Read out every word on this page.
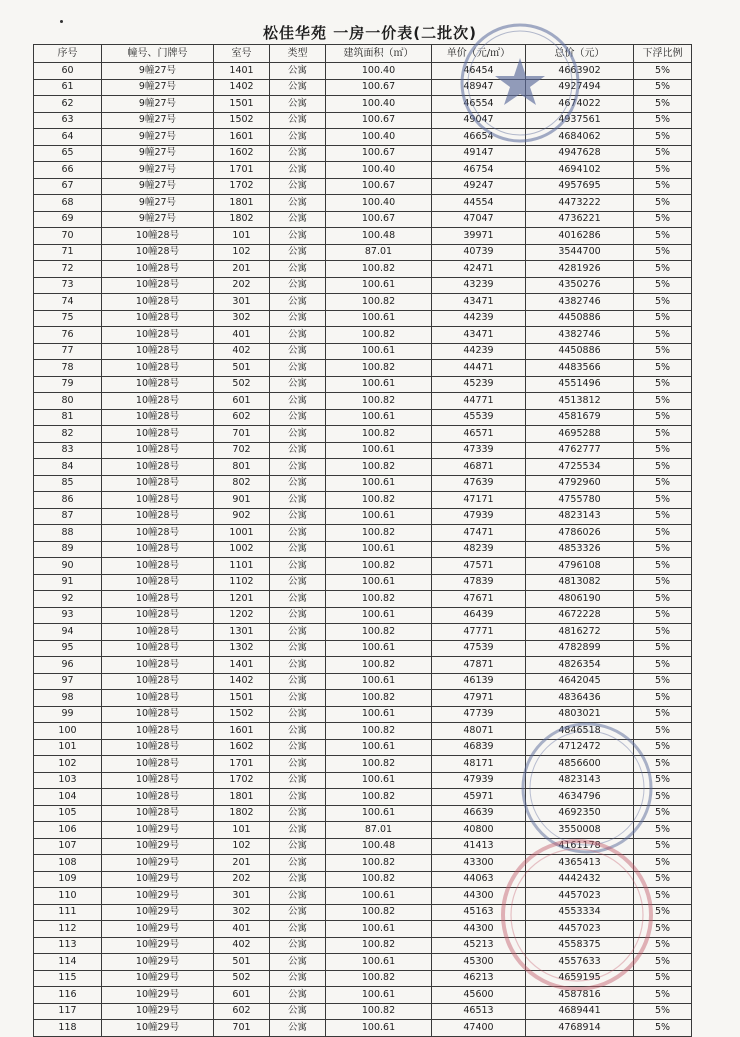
松佳华苑 一房一价表(二批次)
序号	幢号、门牌号	室号	类型	建筑面积（㎡）	单价（元/㎡）	总价（元）	下浮比例
60	9幢27号	1401	公寓	100.40	46454	4663902	5%
61	9幢27号	1402	公寓	100.67	48947	4927494	5%
62	9幢27号	1501	公寓	100.40	46554	4674022	5%
63	9幢27号	1502	公寓	100.67	49047	4937561	5%
64	9幢27号	1601	公寓	100.40	46654	4684062	5%
65	9幢27号	1602	公寓	100.67	49147	4947628	5%
66	9幢27号	1701	公寓	100.40	46754	4694102	5%
67	9幢27号	1702	公寓	100.67	49247	4957695	5%
68	9幢27号	1801	公寓	100.40	44554	4473222	5%
69	9幢27号	1802	公寓	100.67	47047	4736221	5%
70	10幢28号	101	公寓	100.48	39971	4016286	5%
71	10幢28号	102	公寓	87.01	40739	3544700	5%
72	10幢28号	201	公寓	100.82	42471	4281926	5%
73	10幢28号	202	公寓	100.61	43239	4350276	5%
74	10幢28号	301	公寓	100.82	43471	4382746	5%
75	10幢28号	302	公寓	100.61	44239	4450886	5%
76	10幢28号	401	公寓	100.82	43471	4382746	5%
77	10幢28号	402	公寓	100.61	44239	4450886	5%
78	10幢28号	501	公寓	100.82	44471	4483566	5%
79	10幢28号	502	公寓	100.61	45239	4551496	5%
80	10幢28号	601	公寓	100.82	44771	4513812	5%
81	10幢28号	602	公寓	100.61	45539	4581679	5%
82	10幢28号	701	公寓	100.82	46571	4695288	5%
83	10幢28号	702	公寓	100.61	47339	4762777	5%
84	10幢28号	801	公寓	100.82	46871	4725534	5%
85	10幢28号	802	公寓	100.61	47639	4792960	5%
86	10幢28号	901	公寓	100.82	47171	4755780	5%
87	10幢28号	902	公寓	100.61	47939	4823143	5%
88	10幢28号	1001	公寓	100.82	47471	4786026	5%
89	10幢28号	1002	公寓	100.61	48239	4853326	5%
90	10幢28号	1101	公寓	100.82	47571	4796108	5%
91	10幢28号	1102	公寓	100.61	47839	4813082	5%
92	10幢28号	1201	公寓	100.82	47671	4806190	5%
93	10幢28号	1202	公寓	100.61	46439	4672228	5%
94	10幢28号	1301	公寓	100.82	47771	4816272	5%
95	10幢28号	1302	公寓	100.61	47539	4782899	5%
96	10幢28号	1401	公寓	100.82	47871	4826354	5%
97	10幢28号	1402	公寓	100.61	46139	4642045	5%
98	10幢28号	1501	公寓	100.82	47971	4836436	5%
99	10幢28号	1502	公寓	100.61	47739	4803021	5%
100	10幢28号	1601	公寓	100.82	48071	4846518	5%
101	10幢28号	1602	公寓	100.61	46839	4712472	5%
102	10幢28号	1701	公寓	100.82	48171	4856600	5%
103	10幢28号	1702	公寓	100.61	47939	4823143	5%
104	10幢28号	1801	公寓	100.82	45971	4634796	5%
105	10幢28号	1802	公寓	100.61	46639	4692350	5%
106	10幢29号	101	公寓	87.01	40800	3550008	5%
107	10幢29号	102	公寓	100.48	41413	4161178	5%
108	10幢29号	201	公寓	100.82	43300	4365413	5%
109	10幢29号	202	公寓	100.82	44063	4442432	5%
110	10幢29号	301	公寓	100.61	44300	4457023	5%
111	10幢29号	302	公寓	100.82	45163	4553334	5%
112	10幢29号	401	公寓	100.61	44300	4457023	5%
113	10幢29号	402	公寓	100.82	45213	4558375	5%
114	10幢29号	501	公寓	100.61	45300	4557633	5%
115	10幢29号	502	公寓	100.82	46213	4659195	5%
116	10幢29号	601	公寓	100.61	45600	4587816	5%
117	10幢29号	602	公寓	100.82	46513	4689441	5%
118	10幢29号	701	公寓	100.61	47400	4768914	5%
